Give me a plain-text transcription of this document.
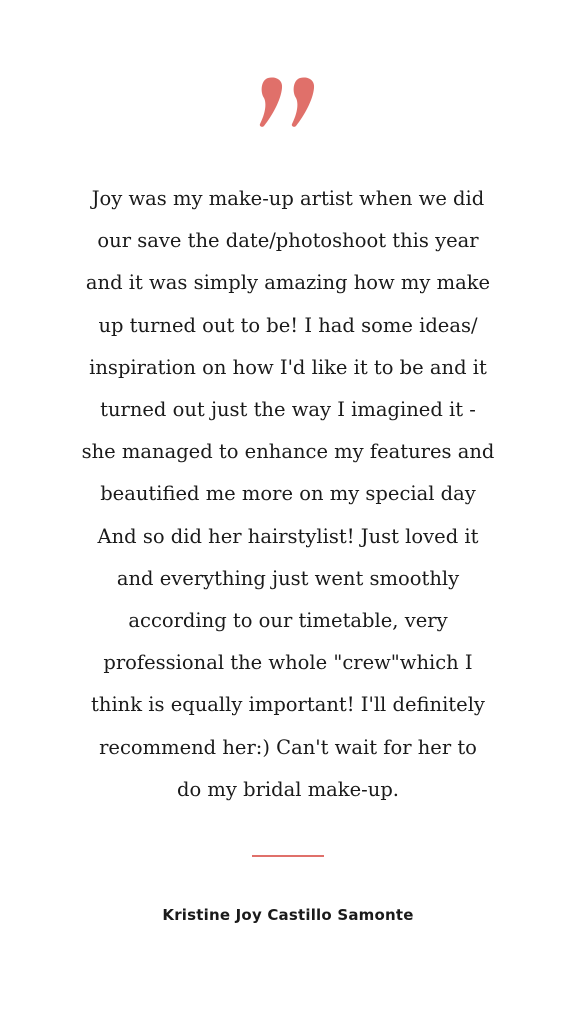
Joy was my make-up artist when we did
our save the date/photoshoot this year
and it was simply amazing how my make
up turned out to be! I had some ideas/
inspiration on how I'd like it to be and it
turned out just the way I imagined it -
she managed to enhance my features and
beautified me more on my special day
And so did her hairstylist! Just loved it
and everything just went smoothly
according to our timetable, very
professional the whole "crew"which I
think is equally important! I'll definitely
recommend her:) Can't wait for her to
do my bridal make-up.

Kristine Joy Castillo Samonte
